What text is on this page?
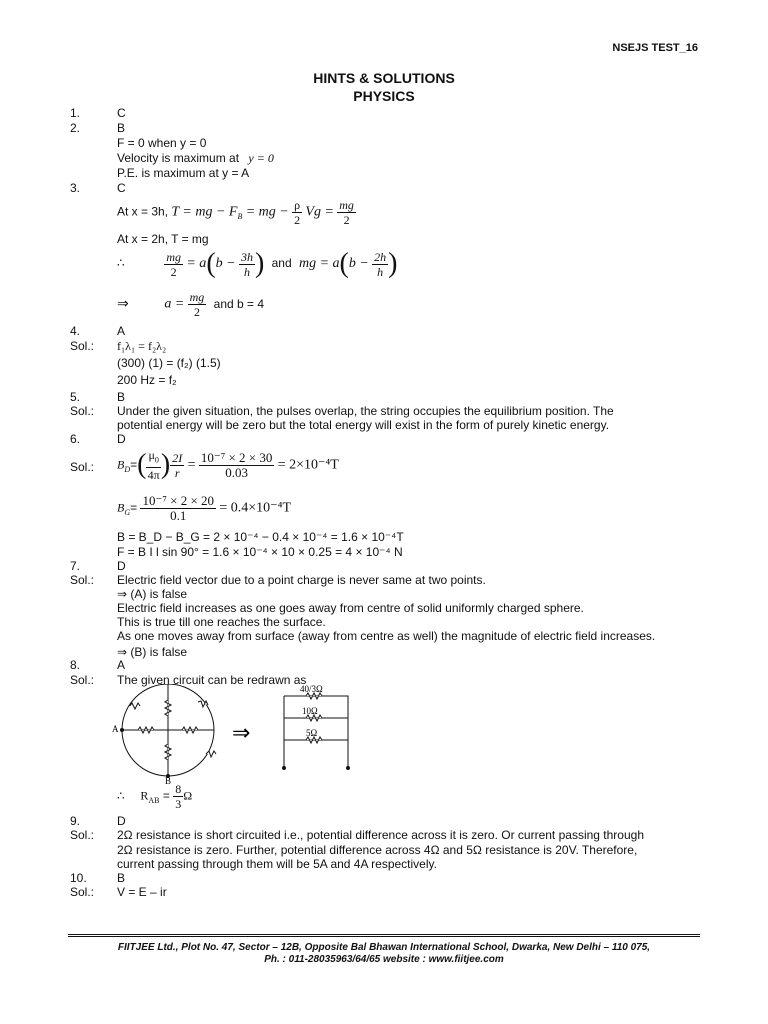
NSEJS TEST_16
HINTS & SOLUTIONS
PHYSICS
1.	C
2.	B
F = 0 when y = 0
Velocity is maximum at y = 0
P.E. is maximum at y = A
3.	C
At x = 3h, T = mg − $F_B$ = mg − $\frac{\rho}{2}$ $Vg = \frac{mg}{2}$
At x = 2h, T = mg
∴	$\frac{mg}{2} = a(b - \frac{3h}{h}$ ) and mg = $a(b - \frac{2h}{h}$ )
⇒	$a = \frac{mg}{2}$ and b = 4
4.	A
Sol.: f₁λ₁ = f₂λ₂
(300) (1) = (f₂) (1.5)
200 Hz = f₂
5.	B
Sol.: Under the given situation, the pulses overlap, the string occupies the equilibrium position. The
potential energy will be zero but the total energy will exist in the form of purely kinetic energy.
6.	D
Sol.: $B_D=( \frac{\mu_0}{4\pi}$ ) $\frac{2I}{r} = \frac{\text{10⁻⁷ × 2 × 30}}{0.03} = 2\times 10^{-4}T$
$B_G= \frac{\text{10⁻⁷ × 2 × 20}}{0.1} = 0.4\times 10^{-4}T$
B = B_D − B_G = 2 × 10⁻⁴ − 0.4 × 10⁻⁴ = 1.6 × 10⁻⁴T
F = B I l sin 90° = 1.6 × 10⁻⁴ × 10 × 0.25 = 4 × 10⁻⁴ N
7.	D
Sol.: Electric field vector due to a point charge is never same at two points.
⇒ (A) is false
Electric field increases as one goes away from centre of solid uniformly charged sphere.
This is true till one reaches the surface.
As one moves away from surface (away from centre as well) the magnitude of electric field increases.
⇒ (B) is false
8.	A
Sol.: The given circuit can be redrawn as
A
B
⇒
40/3Ω
10Ω
5Ω
∴ $R_{AB} = \frac{8}{3}$ Ω
9.	D
Sol.: 2Ω resistance is short circuited i.e., potential difference across it is zero. Or current passing through
2Ω resistance is zero. Further, potential difference across 4Ω and 5Ω resistance is 20V. Therefore,
current passing through them will be 5A and 4A respectively.
10.	B
Sol.: V = E – ir
FIITJEE Ltd., Plot No. 47, Sector – 12B, Opposite Bal Bhawan International School, Dwarka, New Delhi – 110 075,
Ph. : 011-28035963/64/65 website : www.fiitjee.com
